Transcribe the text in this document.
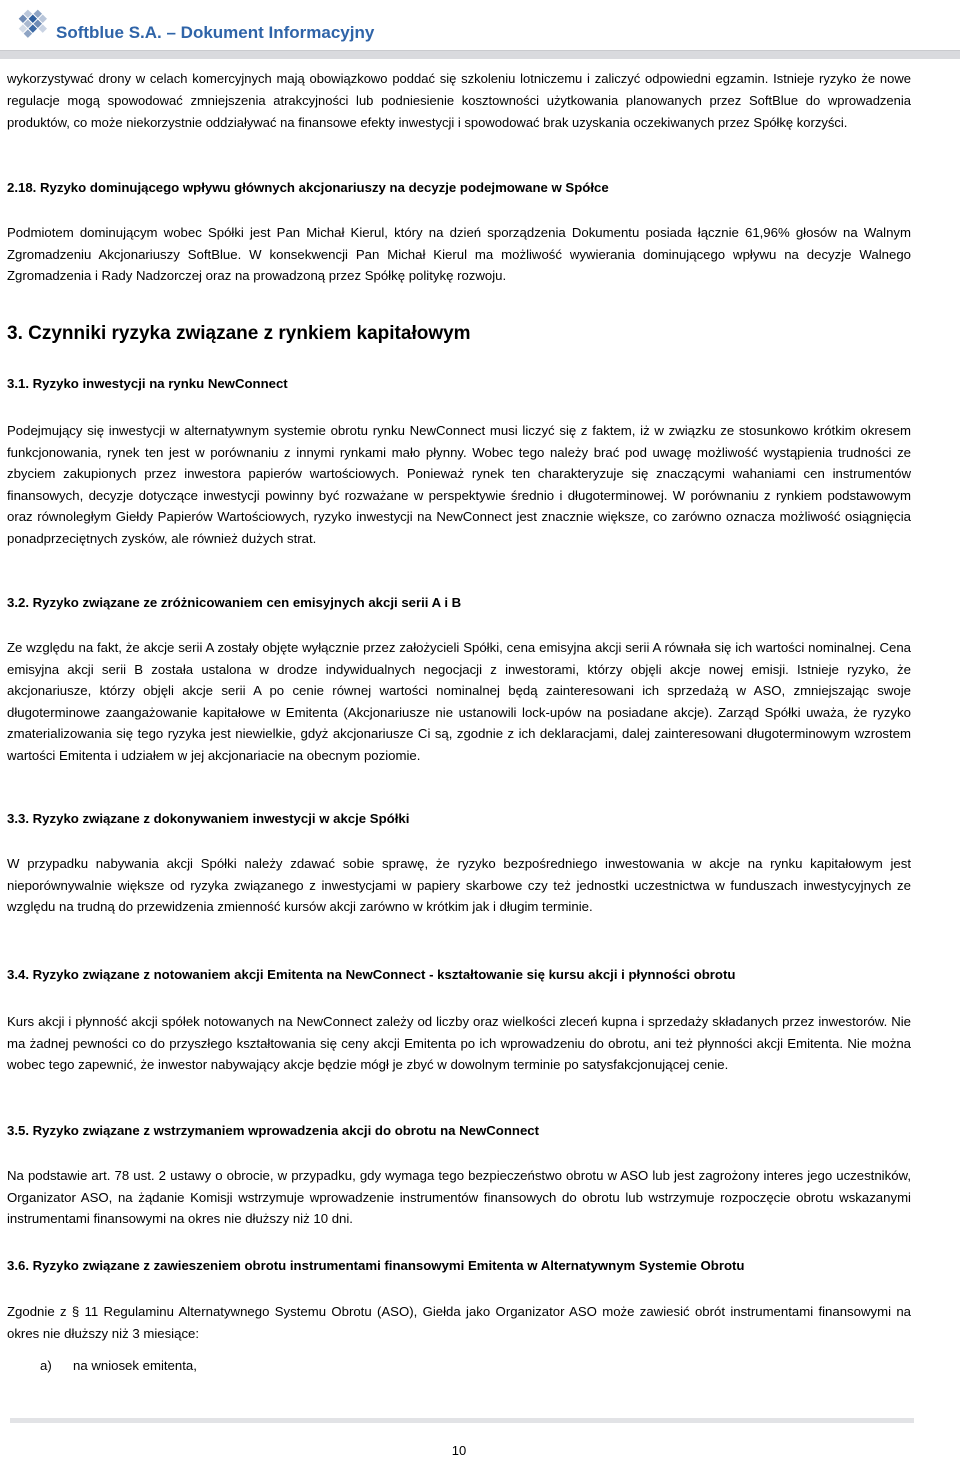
Softblue S.A. – Dokument Informacyjny

wykorzystywać drony w celach komercyjnych mają obowiązkowo poddać się szkoleniu lotniczemu i zaliczyć odpowiedni egzamin. Istnieje ryzyko że nowe regulacje mogą spowodować zmniejszenia atrakcyjności lub podniesienie kosztowności użytkowania planowanych przez SoftBlue do wprowadzenia produktów, co może niekorzystnie oddziaływać na finansowe efekty inwestycji i spowodować brak uzyskania oczekiwanych przez Spółkę korzyści.

2.18. Ryzyko dominującego wpływu głównych akcjonariuszy na decyzje podejmowane w Spółce

Podmiotem dominującym wobec Spółki jest Pan Michał Kierul, który na dzień sporządzenia Dokumentu posiada łącznie 61,96% głosów na Walnym Zgromadzeniu Akcjonariuszy SoftBlue. W konsekwencji Pan Michał Kierul ma możliwość wywierania dominującego wpływu na decyzje Walnego Zgromadzenia i Rady Nadzorczej oraz na prowadzoną przez Spółkę politykę rozwoju.

3. Czynniki ryzyka związane z rynkiem kapitałowym
3.1. Ryzyko inwestycji na rynku NewConnect

Podejmujący się inwestycji w alternatywnym systemie obrotu rynku NewConnect musi liczyć się z faktem, iż w związku ze stosunkowo krótkim okresem funkcjonowania, rynek ten jest w porównaniu z innymi rynkami mało płynny. Wobec tego należy brać pod uwagę możliwość wystąpienia trudności ze zbyciem zakupionych przez inwestora papierów wartościowych. Ponieważ rynek ten charakteryzuje się znaczącymi wahaniami cen instrumentów finansowych, decyzje dotyczące inwestycji powinny być rozważane w perspektywie średnio i długoterminowej. W porównaniu z rynkiem podstawowym oraz równoległym Giełdy Papierów Wartościowych, ryzyko inwestycji na NewConnect jest znacznie większe, co zarówno oznacza możliwość osiągnięcia ponadprzeciętnych zysków, ale również dużych strat.

3.2. Ryzyko związane ze zróżnicowaniem cen emisyjnych akcji serii A i B

Ze względu na fakt, że akcje serii A zostały objęte wyłącznie przez założycieli Spółki, cena emisyjna akcji serii A równała się ich wartości nominalnej. Cena emisyjna akcji serii B została ustalona w drodze indywidualnych negocjacji z inwestorami, którzy objęli akcje nowej emisji. Istnieje ryzyko, że akcjonariusze, którzy objęli akcje serii A po cenie równej wartości nominalnej będą zainteresowani ich sprzedażą w ASO, zmniejszając swoje długoterminowe zaangażowanie kapitałowe w Emitenta (Akcjonariusze nie ustanowili lock-upów na posiadane akcje). Zarząd Spółki uważa, że ryzyko zmaterializowania się tego ryzyka jest niewielkie, gdyż akcjonariusze Ci są, zgodnie z ich deklaracjami, dalej zainteresowani długoterminowym wzrostem wartości Emitenta i udziałem w jej akcjonariacie na obecnym poziomie.

3.3. Ryzyko związane z dokonywaniem inwestycji w akcje Spółki

W przypadku nabywania akcji Spółki należy zdawać sobie sprawę, że ryzyko bezpośredniego inwestowania w akcje na rynku kapitałowym jest nieporównywalnie większe od ryzyka związanego z inwestycjami w papiery skarbowe czy też jednostki uczestnictwa w funduszach inwestycyjnych ze względu na trudną do przewidzenia zmienność kursów akcji zarówno w krótkim jak i długim terminie.

3.4. Ryzyko związane z notowaniem akcji Emitenta na NewConnect - kształtowanie się kursu akcji i płynności obrotu

Kurs akcji i płynność akcji spółek notowanych na NewConnect zależy od liczby oraz wielkości zleceń kupna i sprzedaży składanych przez inwestorów. Nie ma żadnej pewności co do przyszłego kształtowania się ceny akcji Emitenta po ich wprowadzeniu do obrotu, ani też płynności akcji Emitenta. Nie można wobec tego zapewnić, że inwestor nabywający akcje będzie mógł je zbyć w dowolnym terminie po satysfakcjonującej cenie.

3.5. Ryzyko związane z wstrzymaniem wprowadzenia akcji do obrotu na NewConnect

Na podstawie art. 78 ust. 2 ustawy o obrocie, w przypadku, gdy wymaga tego bezpieczeństwo obrotu w ASO lub jest zagrożony interes jego uczestników, Organizator ASO, na żądanie Komisji wstrzymuje wprowadzenie instrumentów finansowych do obrotu lub wstrzymuje rozpoczęcie obrotu wskazanymi instrumentami finansowymi na okres nie dłuższy niż 10 dni.

3.6. Ryzyko związane z zawieszeniem obrotu instrumentami finansowymi Emitenta w Alternatywnym Systemie Obrotu

Zgodnie z § 11 Regulaminu Alternatywnego Systemu Obrotu (ASO), Giełda jako Organizator ASO może zawiesić obrót instrumentami finansowymi na okres nie dłuższy niż 3 miesiące:

a) na wniosek emitenta,
10
